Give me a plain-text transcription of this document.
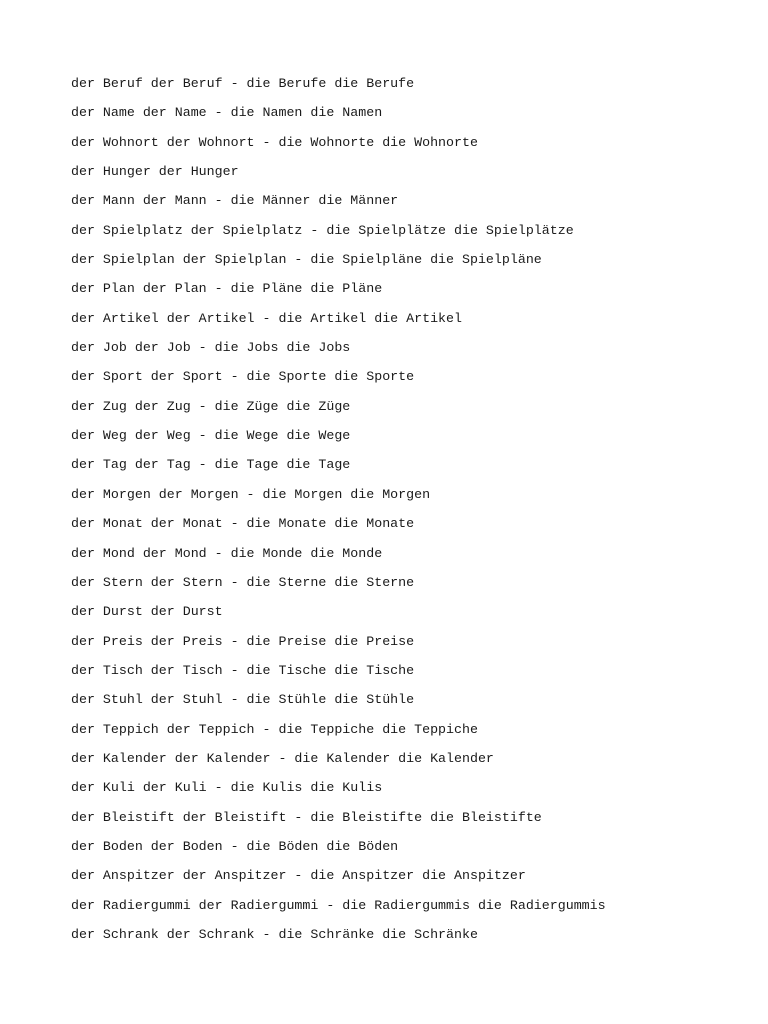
der Beruf der Beruf - die Berufe die Berufe
der Name der Name - die Namen die Namen
der Wohnort der Wohnort - die Wohnorte die Wohnorte
der Hunger der Hunger
der Mann der Mann - die Männer die Männer
der Spielplatz der Spielplatz - die Spielplätze die Spielplätze
der Spielplan der Spielplan - die Spielpläne die Spielpläne
der Plan der Plan - die Pläne die Pläne
der Artikel der Artikel - die Artikel die Artikel
der Job der Job - die Jobs die Jobs
der Sport der Sport - die Sporte die Sporte
der Zug der Zug - die Züge die Züge
der Weg der Weg - die Wege die Wege
der Tag der Tag - die Tage die Tage
der Morgen der Morgen - die Morgen die Morgen
der Monat der Monat - die Monate die Monate
der Mond der Mond - die Monde die Monde
der Stern der Stern - die Sterne die Sterne
der Durst der Durst
der Preis der Preis - die Preise die Preise
der Tisch der Tisch - die Tische die Tische
der Stuhl der Stuhl - die Stühle die Stühle
der Teppich der Teppich - die Teppiche die Teppiche
der Kalender der Kalender - die Kalender die Kalender
der Kuli der Kuli - die Kulis die Kulis
der Bleistift der Bleistift - die Bleistifte die Bleistifte
der Boden der Boden - die Böden die Böden
der Anspitzer der Anspitzer - die Anspitzer die Anspitzer
der Radiergummi der Radiergummi - die Radiergummis die Radiergummis
der Schrank der Schrank - die Schränke die Schränke
